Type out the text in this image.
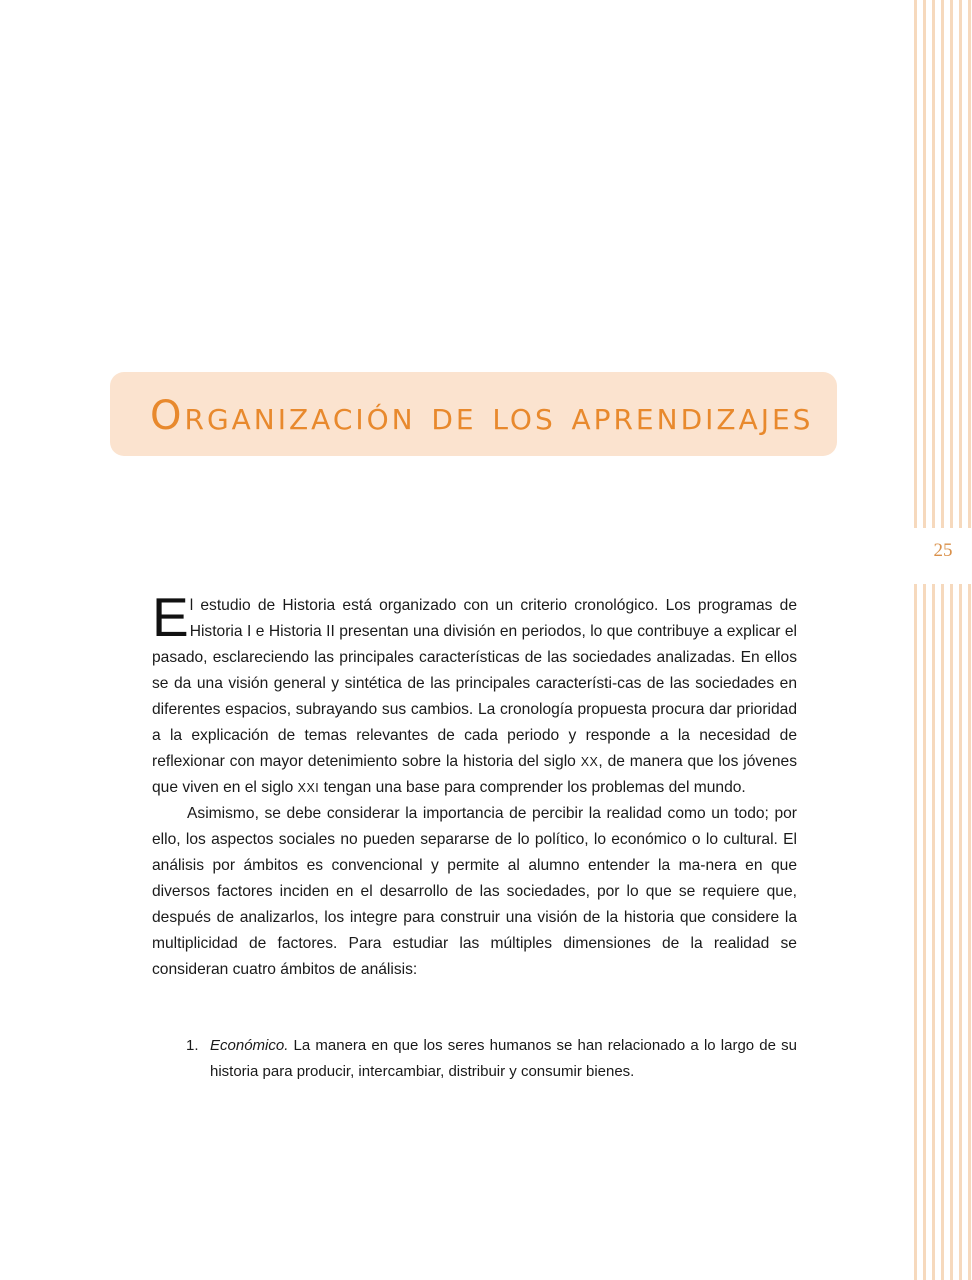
25
Organización de los aprendizajes

El estudio de Historia está organizado con un criterio cronológico. Los programas de Historia I e Historia II presentan una división en periodos, lo que contribuye a explicar el pasado, esclareciendo las principales características de las sociedades analizadas. En ellos se da una visión general y sintética de las principales característi-cas de las sociedades en diferentes espacios, subrayando sus cambios. La cronología propuesta procura dar prioridad a la explicación de temas relevantes de cada periodo y responde a la necesidad de reflexionar con mayor detenimiento sobre la historia del siglo XX, de manera que los jóvenes que viven en el siglo XXI tengan una base para comprender los problemas del mundo.

Asimismo, se debe considerar la importancia de percibir la realidad como un todo; por ello, los aspectos sociales no pueden separarse de lo político, lo económico o lo cultural. El análisis por ámbitos es convencional y permite al alumno entender la ma-nera en que diversos factores inciden en el desarrollo de las sociedades, por lo que se requiere que, después de analizarlos, los integre para construir una visión de la historia que considere la multiplicidad de factores. Para estudiar las múltiples dimensiones de la realidad se consideran cuatro ámbitos de análisis:

1. Económico. La manera en que los seres humanos se han relacionado a lo largo de su historia para producir, intercambiar, distribuir y consumir bienes.
